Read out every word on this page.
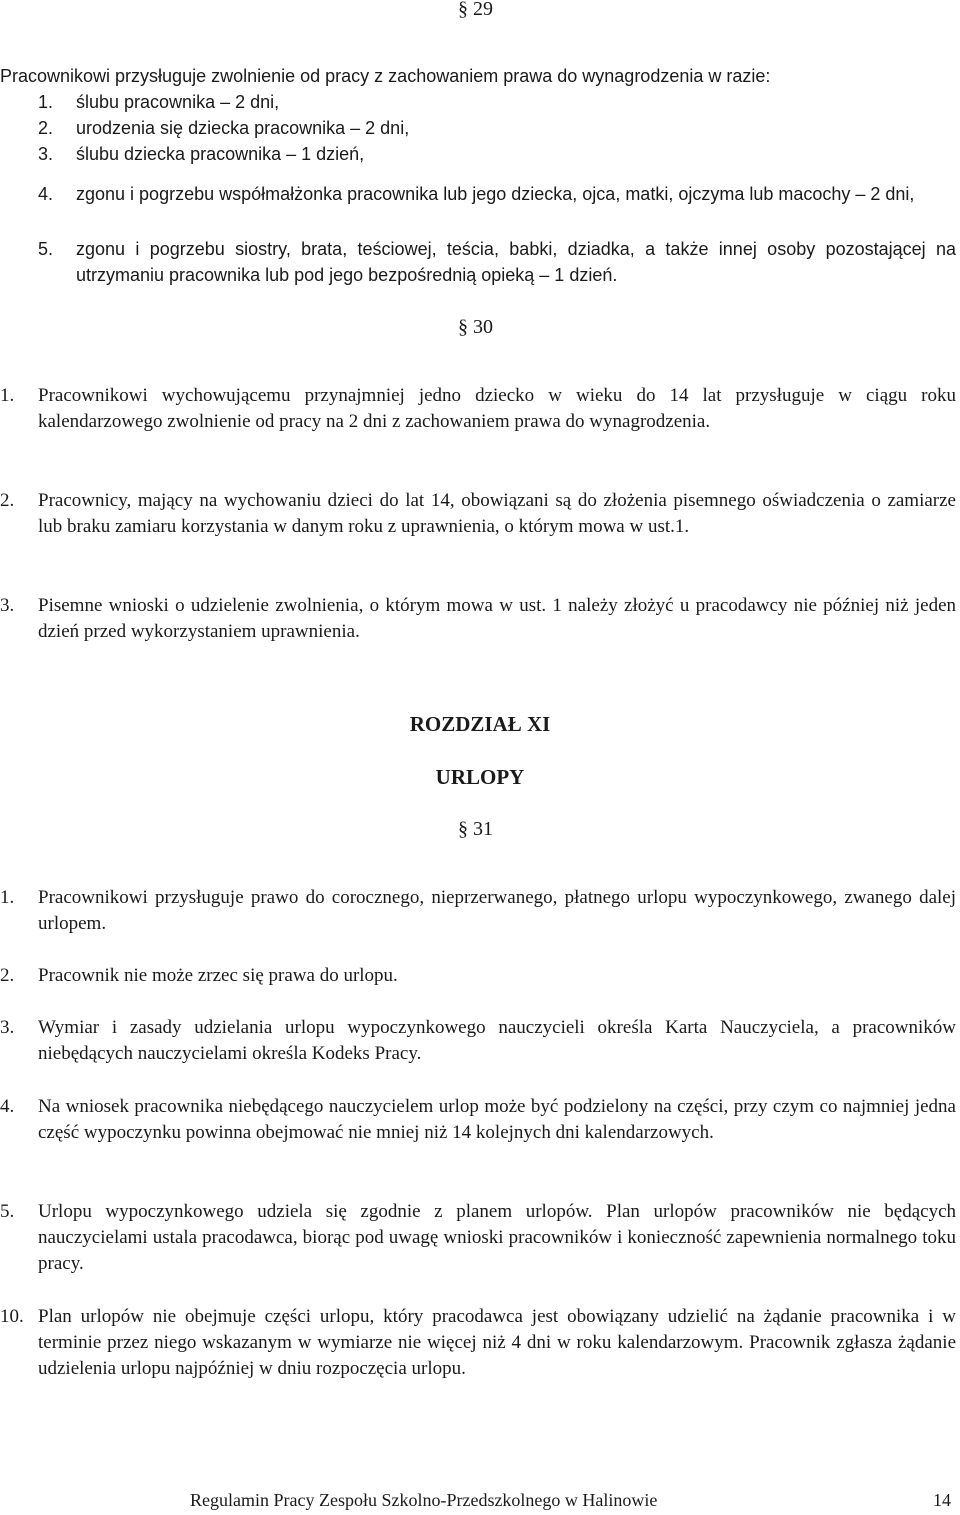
§ 29
Pracownikowi przysługuje zwolnienie od pracy z zachowaniem prawa do wynagrodzenia w razie:
1. ślubu pracownika – 2 dni,
2. urodzenia się dziecka pracownika – 2 dni,
3. ślubu dziecka pracownika – 1 dzień,
4. zgonu i pogrzebu współmałżonka pracownika lub jego dziecka, ojca, matki, ojczyma lub macochy – 2 dni,
5. zgonu i pogrzebu siostry, brata, teściowej, teścia, babki, dziadka, a także innej osoby pozostającej na utrzymaniu pracownika lub pod jego bezpośrednią opieką – 1 dzień.
§ 30
1. Pracownikowi wychowującemu przynajmniej jedno dziecko w wieku do 14 lat przysługuje w ciągu roku kalendarzowego zwolnienie od pracy na 2 dni z zachowaniem prawa do wynagrodzenia.
2. Pracownicy, mający na wychowaniu dzieci do lat 14, obowiązani są do złożenia pisemnego oświadczenia o zamiarze lub braku zamiaru korzystania w danym roku z uprawnienia, o którym mowa w ust.1.
3. Pisemne wnioski o udzielenie zwolnienia, o którym mowa w ust. 1 należy złożyć u pracodawcy nie później niż jeden dzień przed wykorzystaniem uprawnienia.
ROZDZIAŁ XI
URLOPY
§ 31
1. Pracownikowi przysługuje prawo do corocznego, nieprzerwanego, płatnego urlopu wypoczynkowego, zwanego dalej urlopem.
2. Pracownik nie może zrzec się prawa do urlopu.
3. Wymiar i zasady udzielania urlopu wypoczynkowego nauczycieli określa Karta Nauczyciela, a pracowników niebędących nauczycielami określa Kodeks Pracy.
4. Na wniosek pracownika niebędącego nauczycielem urlop może być podzielony na części, przy czym co najmniej jedna część wypoczynku powinna obejmować nie mniej niż 14 kolejnych dni kalendarzowych.
5. Urlopu wypoczynkowego udziela się zgodnie z planem urlopów. Plan urlopów pracowników nie będących nauczycielami ustala pracodawca, biorąc pod uwagę wnioski pracowników i konieczność zapewnienia normalnego toku pracy.
10. Plan urlopów nie obejmuje części urlopu, który pracodawca jest obowiązany udzielić na żądanie pracownika i w terminie przez niego wskazanym w wymiarze nie więcej niż 4 dni w roku kalendarzowym. Pracownik zgłasza żądanie udzielenia urlopu najpóźniej w dniu rozpoczęcia urlopu.
Regulamin Pracy Zespołu Szkolno-Przedszkolnego w Halinowie	14
